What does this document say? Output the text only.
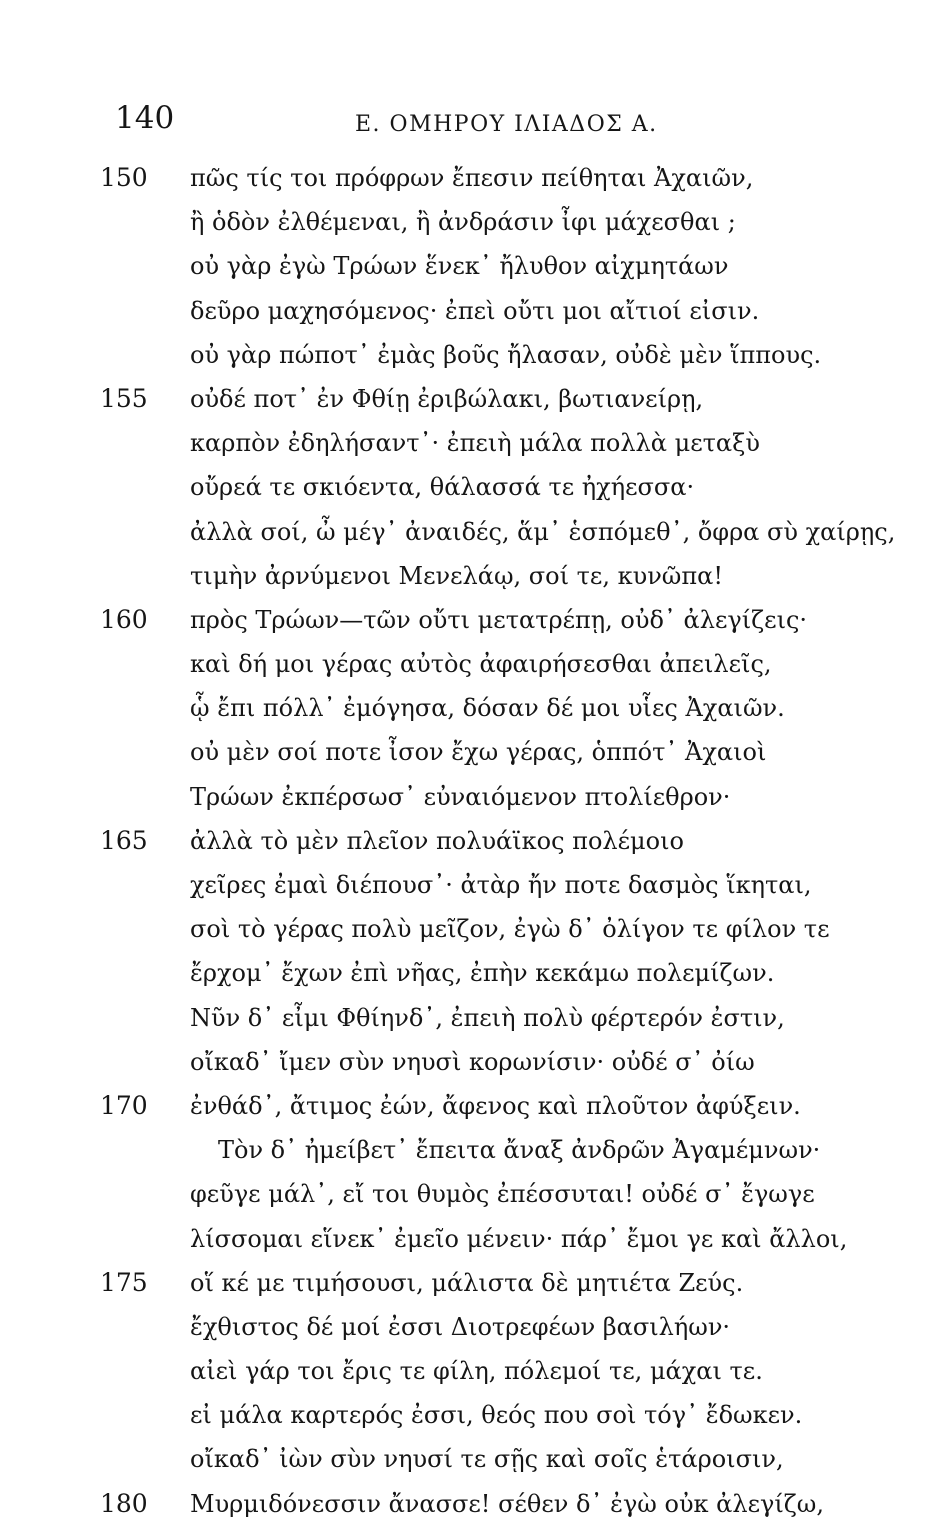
140	Ε. ΟΜΗΡΟΥ ΙΛΙΑΔΟΣ Α.
150	πῶς τίς τοι πρόφρων ἔπεσιν πείθηται Ἀχαιῶν,
ἢ ὁδὸν ἐλθέμεναι, ἢ ἀνδράσιν ἶφι μάχεσθαι ;
οὐ γὰρ ἐγὼ Τρώων ἕνεκ᾽ ἤλυθον αἰχμητάων
δεῦρο μαχησόμενος· ἐπεὶ οὔτι μοι αἴτιοί εἰσιν.
οὐ γὰρ πώποτ᾽ ἐμὰς βοῦς ἤλασαν, οὐδὲ μὲν ἵππους.
155	οὐδέ ποτ᾽ ἐν Φθίῃ ἐριβώλακι, βωτιανείρῃ,
καρπὸν ἐδηλήσαντ᾽· ἐπειὴ μάλα πολλὰ μεταξὺ
οὔρεά τε σκιόεντα, θάλασσά τε ἠχήεσσα·
ἀλλὰ σοί, ὦ μέγ᾽ ἀναιδές, ἅμ᾽ ἑσπόμεθ᾽, ὄφρα σὺ χαίρῃς,
τιμὴν ἀρνύμενοι Μενελάῳ, σοί τε, κυνῶπα!
160	πρὸς Τρώων—τῶν οὔτι μετατρέπῃ, οὐδ᾽ ἀλεγίζεις·
καὶ δή μοι γέρας αὐτὸς ἀφαιρήσεσθαι ἀπειλεῖς,
ᾧ ἔπι πόλλ᾽ ἐμόγησα, δόσαν δέ μοι υἷες Ἀχαιῶν.
οὐ μὲν σοί ποτε ἶσον ἔχω γέρας, ὁππότ᾽ Ἀχαιοὶ
Τρώων ἐκπέρσωσ᾽ εὐναιόμενον πτολίεθρον·
165	ἀλλὰ τὸ μὲν πλεῖον πολυάϊκος πολέμοιο
χεῖρες ἐμαὶ διέπουσ᾽· ἀτὰρ ἤν ποτε δασμὸς ἵκηται,
σοὶ τὸ γέρας πολὺ μεῖζον, ἐγὼ δ᾽ ὀλίγον τε φίλον τε
ἔρχομ᾽ ἔχων ἐπὶ νῆας, ἐπὴν κεκάμω πολεμίζων.
Νῦν δ᾽ εἶμι Φθίηνδ᾽, ἐπειὴ πολὺ φέρτερόν ἐστιν,
οἴκαδ᾽ ἴμεν σὺν νηυσὶ κορωνίσιν· οὐδέ σ᾽ ὀίω
170	ἐνθάδ᾽, ἄτιμος ἐών, ἄφενος καὶ πλοῦτον ἀφύξειν.
Τὸν δ᾽ ἠμείβετ᾽ ἔπειτα ἄναξ ἀνδρῶν Ἀγαμέμνων·
φεῦγε μάλ᾽, εἴ τοι θυμὸς ἐπέσσυται! οὐδέ σ᾽ ἔγωγε
λίσσομαι εἵνεκ᾽ ἐμεῖο μένειν· πάρ᾽ ἔμοι γε καὶ ἄλλοι,
175	οἵ κέ με τιμήσουσι, μάλιστα δὲ μητιέτα Ζεύς.
ἔχθιστος δέ μοί ἐσσι Διοτρεφέων βασιλήων·
αἰεὶ γάρ τοι ἔρις τε φίλη, πόλεμοί τε, μάχαι τε.
εἰ μάλα καρτερός ἐσσι, θεός που σοὶ τόγ᾽ ἔδωκεν.
οἴκαδ᾽ ἰὼν σὺν νηυσί τε σῇς καὶ σοῖς ἑτάροισιν,
180	Μυρμιδόνεσσιν ἄνασσε! σέθεν δ᾽ ἐγὼ οὐκ ἀλεγίζω,
